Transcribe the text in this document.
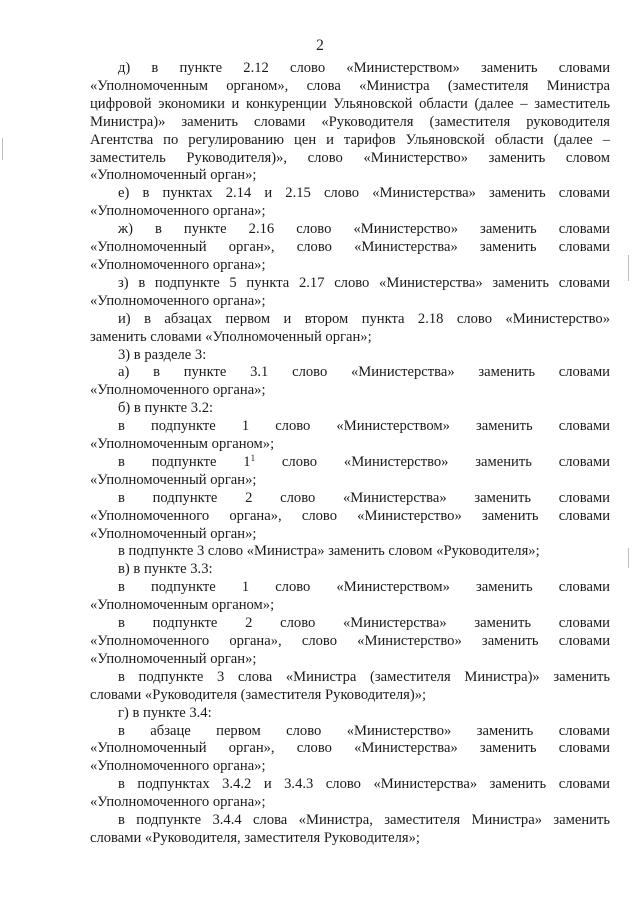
2
д) в пункте 2.12 слово «Министерством» заменить словами
«Уполномоченным органом», слова «Министра (заместителя Министра
цифровой экономики и конкуренции Ульяновской области (далее – заместитель
Министра)» заменить словами «Руководителя (заместителя руководителя
Агентства по регулированию цен и тарифов Ульяновской области (далее –
заместитель Руководителя)», слово «Министерство» заменить словом
«Уполномоченный орган»;
е) в пунктах 2.14 и 2.15 слово «Министерства» заменить словами
«Уполномоченного органа»;
ж) в пункте 2.16 слово «Министерство» заменить словами
«Уполномоченный орган», слово «Министерства» заменить словами
«Уполномоченного органа»;
з) в подпункте 5 пункта 2.17 слово «Министерства» заменить словами
«Уполномоченного органа»;
и) в абзацах первом и втором пункта 2.18 слово «Министерство»
заменить словами «Уполномоченный орган»;
3) в разделе 3:
а) в пункте 3.1 слово «Министерства» заменить словами
«Уполномоченного органа»;
б) в пункте 3.2:
в подпункте 1 слово «Министерством» заменить словами
«Уполномоченным органом»;
в подпункте $1^1$ слово «Министерство» заменить словами
«Уполномоченный орган»;
в подпункте 2 слово «Министерства» заменить словами
«Уполномоченного органа», слово «Министерство» заменить словами
«Уполномоченный орган»;
в подпункте 3 слово «Министра» заменить словом «Руководителя»;
в) в пункте 3.3:
в подпункте 1 слово «Министерством» заменить словами
«Уполномоченным органом»;
в подпункте 2 слово «Министерства» заменить словами
«Уполномоченного органа», слово «Министерство» заменить словами
«Уполномоченный орган»;
в подпункте 3 слова «Министра (заместителя Министра)» заменить
словами «Руководителя (заместителя Руководителя)»;
г) в пункте 3.4:
в абзаце первом слово «Министерство» заменить словами
«Уполномоченный орган», слово «Министерства» заменить словами
«Уполномоченного органа»;
в подпунктах 3.4.2 и 3.4.3 слово «Министерства» заменить словами
«Уполномоченного органа»;
в подпункте 3.4.4 слова «Министра, заместителя Министра» заменить
словами «Руководителя, заместителя Руководителя»;
